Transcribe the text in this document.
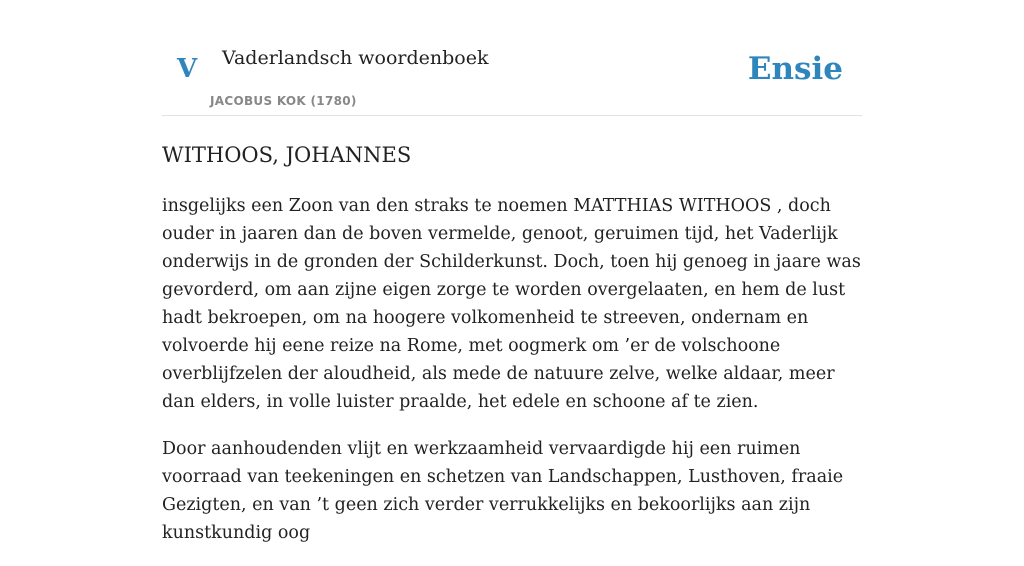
V Vaderlandsch woordenboek
JACOBUS KOK (1780)
Ensie
WITHOOS, JOHANNES

insgelijks een Zoon van den straks te noemen MATTHIAS WITHOOS , doch ouder in jaaren dan de boven vermelde, genoot, geruimen tijd, het Vaderlijk onderwijs in de gronden der Schilderkunst. Doch, toen hij genoeg in jaare was gevorderd, om aan zijne eigen zorge te worden overgelaaten, en hem de lust hadt bekroepen, om na hoogere volkomenheid te streeven, ondernam en volvoerde hij eene reize na Rome, met oogmerk om ’er de volschoone overblijfzelen der aloudheid, als mede de natuure zelve, welke aldaar, meer dan elders, in volle luister praalde, het edele en schoone af te zien.

Door aanhoudenden vlijt en werkzaamheid vervaardigde hij een ruimen voorraad van teekeningen en schetzen van Landschappen, Lusthoven, fraaie Gezigten, en van ’t geen zich verder verrukkelijks en bekoorlijks aan zijn kunstkundig oog
